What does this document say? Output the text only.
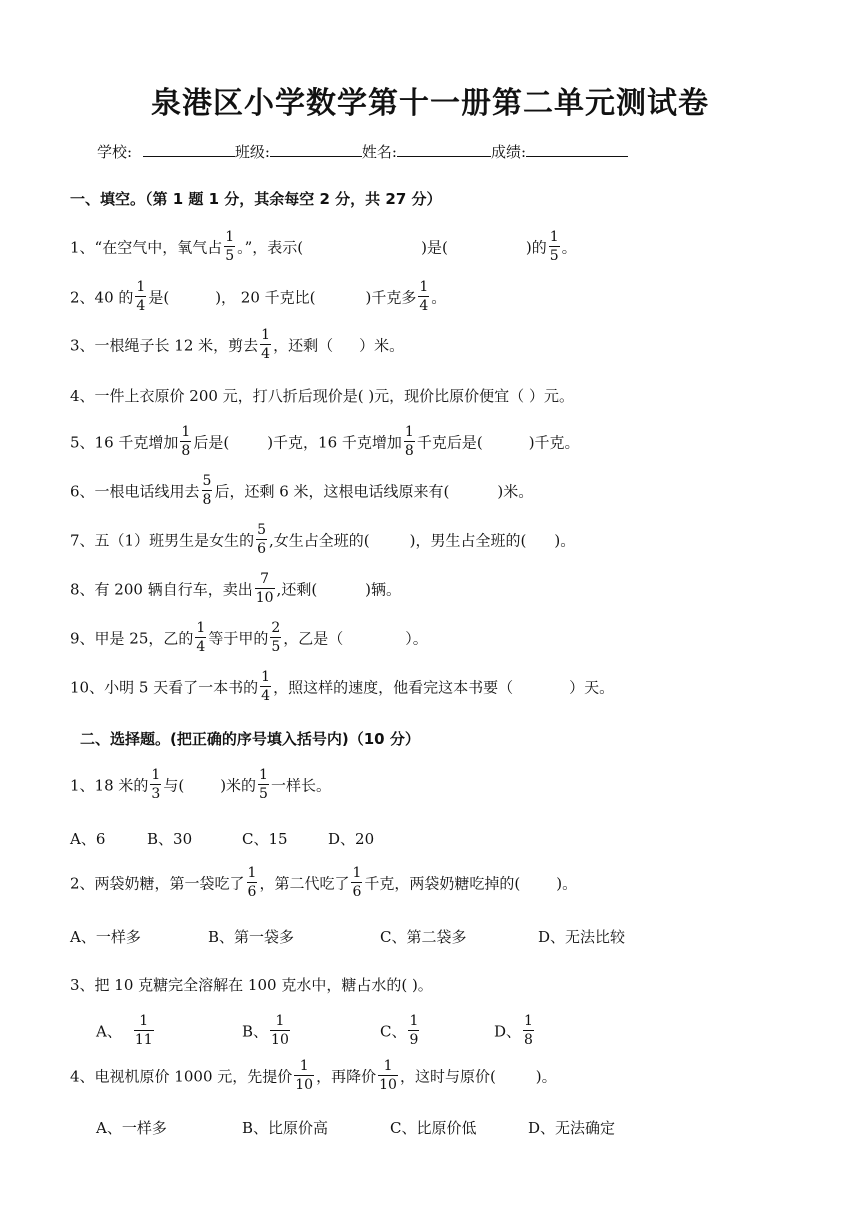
泉港区小学数学第十一册第二单元测试卷
学校:	班级:	姓名:	成绩:
一、填空。（第 1 题 1 分，其余每空 2 分，共 27 分）
1、“在空气中，氧气占 $\frac{1}{5}$ 。”，表示(	)是(	)的 $\frac{1}{5}$ 。
2、40 的 $\frac{1}{4}$ 是(	)， 20 千克比(	)千克多 $\frac{1}{4}$ 。
3、一根绳子长 12 米，剪去 $\frac{1}{4}$ ，还剩（ ）米。
4、一件上衣原价 200 元，打八折后现价是( )元，现价比原价便宜（ ）元。
5、16 千克增加 $\frac{1}{8}$ 后是(	)千克，16 千克增加 $\frac{1}{8}$ 千克后是(	)千克。
6、一根电话线用去 $\frac{5}{8}$ 后，还剩 6 米，这根电话线原来有(	)米。
7、五（1）班男生是女生的 $\frac{5}{6}$ ,女生占全班的(	)，男生占全班的( )。
8、有 200 辆自行车，卖出 $\frac{7}{10}$ ,还剩(	)辆。
9、甲是 25，乙的 $\frac{1}{4}$ 等于甲的 $\frac{2}{5}$ ，乙是（	）。
10、小明 5 天看了一本书的 $\frac{1}{4}$ ，照这样的速度，他看完这本书要（	）天。
二、选择题。(把正确的序号填入括号内)（10 分）
1、18 米的 $\frac{1}{3}$ 与( )米的 $\frac{1}{5}$ 一样长。
A、6	B、30	C、15	D、20
2、两袋奶糖，第一袋吃了 $\frac{1}{6}$ ，第二代吃了 $\frac{1}{6}$ 千克，两袋奶糖吃掉的( )。
A、一样多	B、第一袋多	C、第二袋多	D、无法比较
3、把 10 克糖完全溶解在 100 克水中，糖占水的( )。
A、 $\frac{1}{11}$	B、 $\frac{1}{10}$	C、 $\frac{1}{9}$	D、 $\frac{1}{8}$
4、电视机原价 1000 元，先提价 $\frac{1}{10}$ ，再降价 $\frac{1}{10}$ ，这时与原价(	)。
A、一样多	B、比原价高	C、比原价低	D、无法确定
